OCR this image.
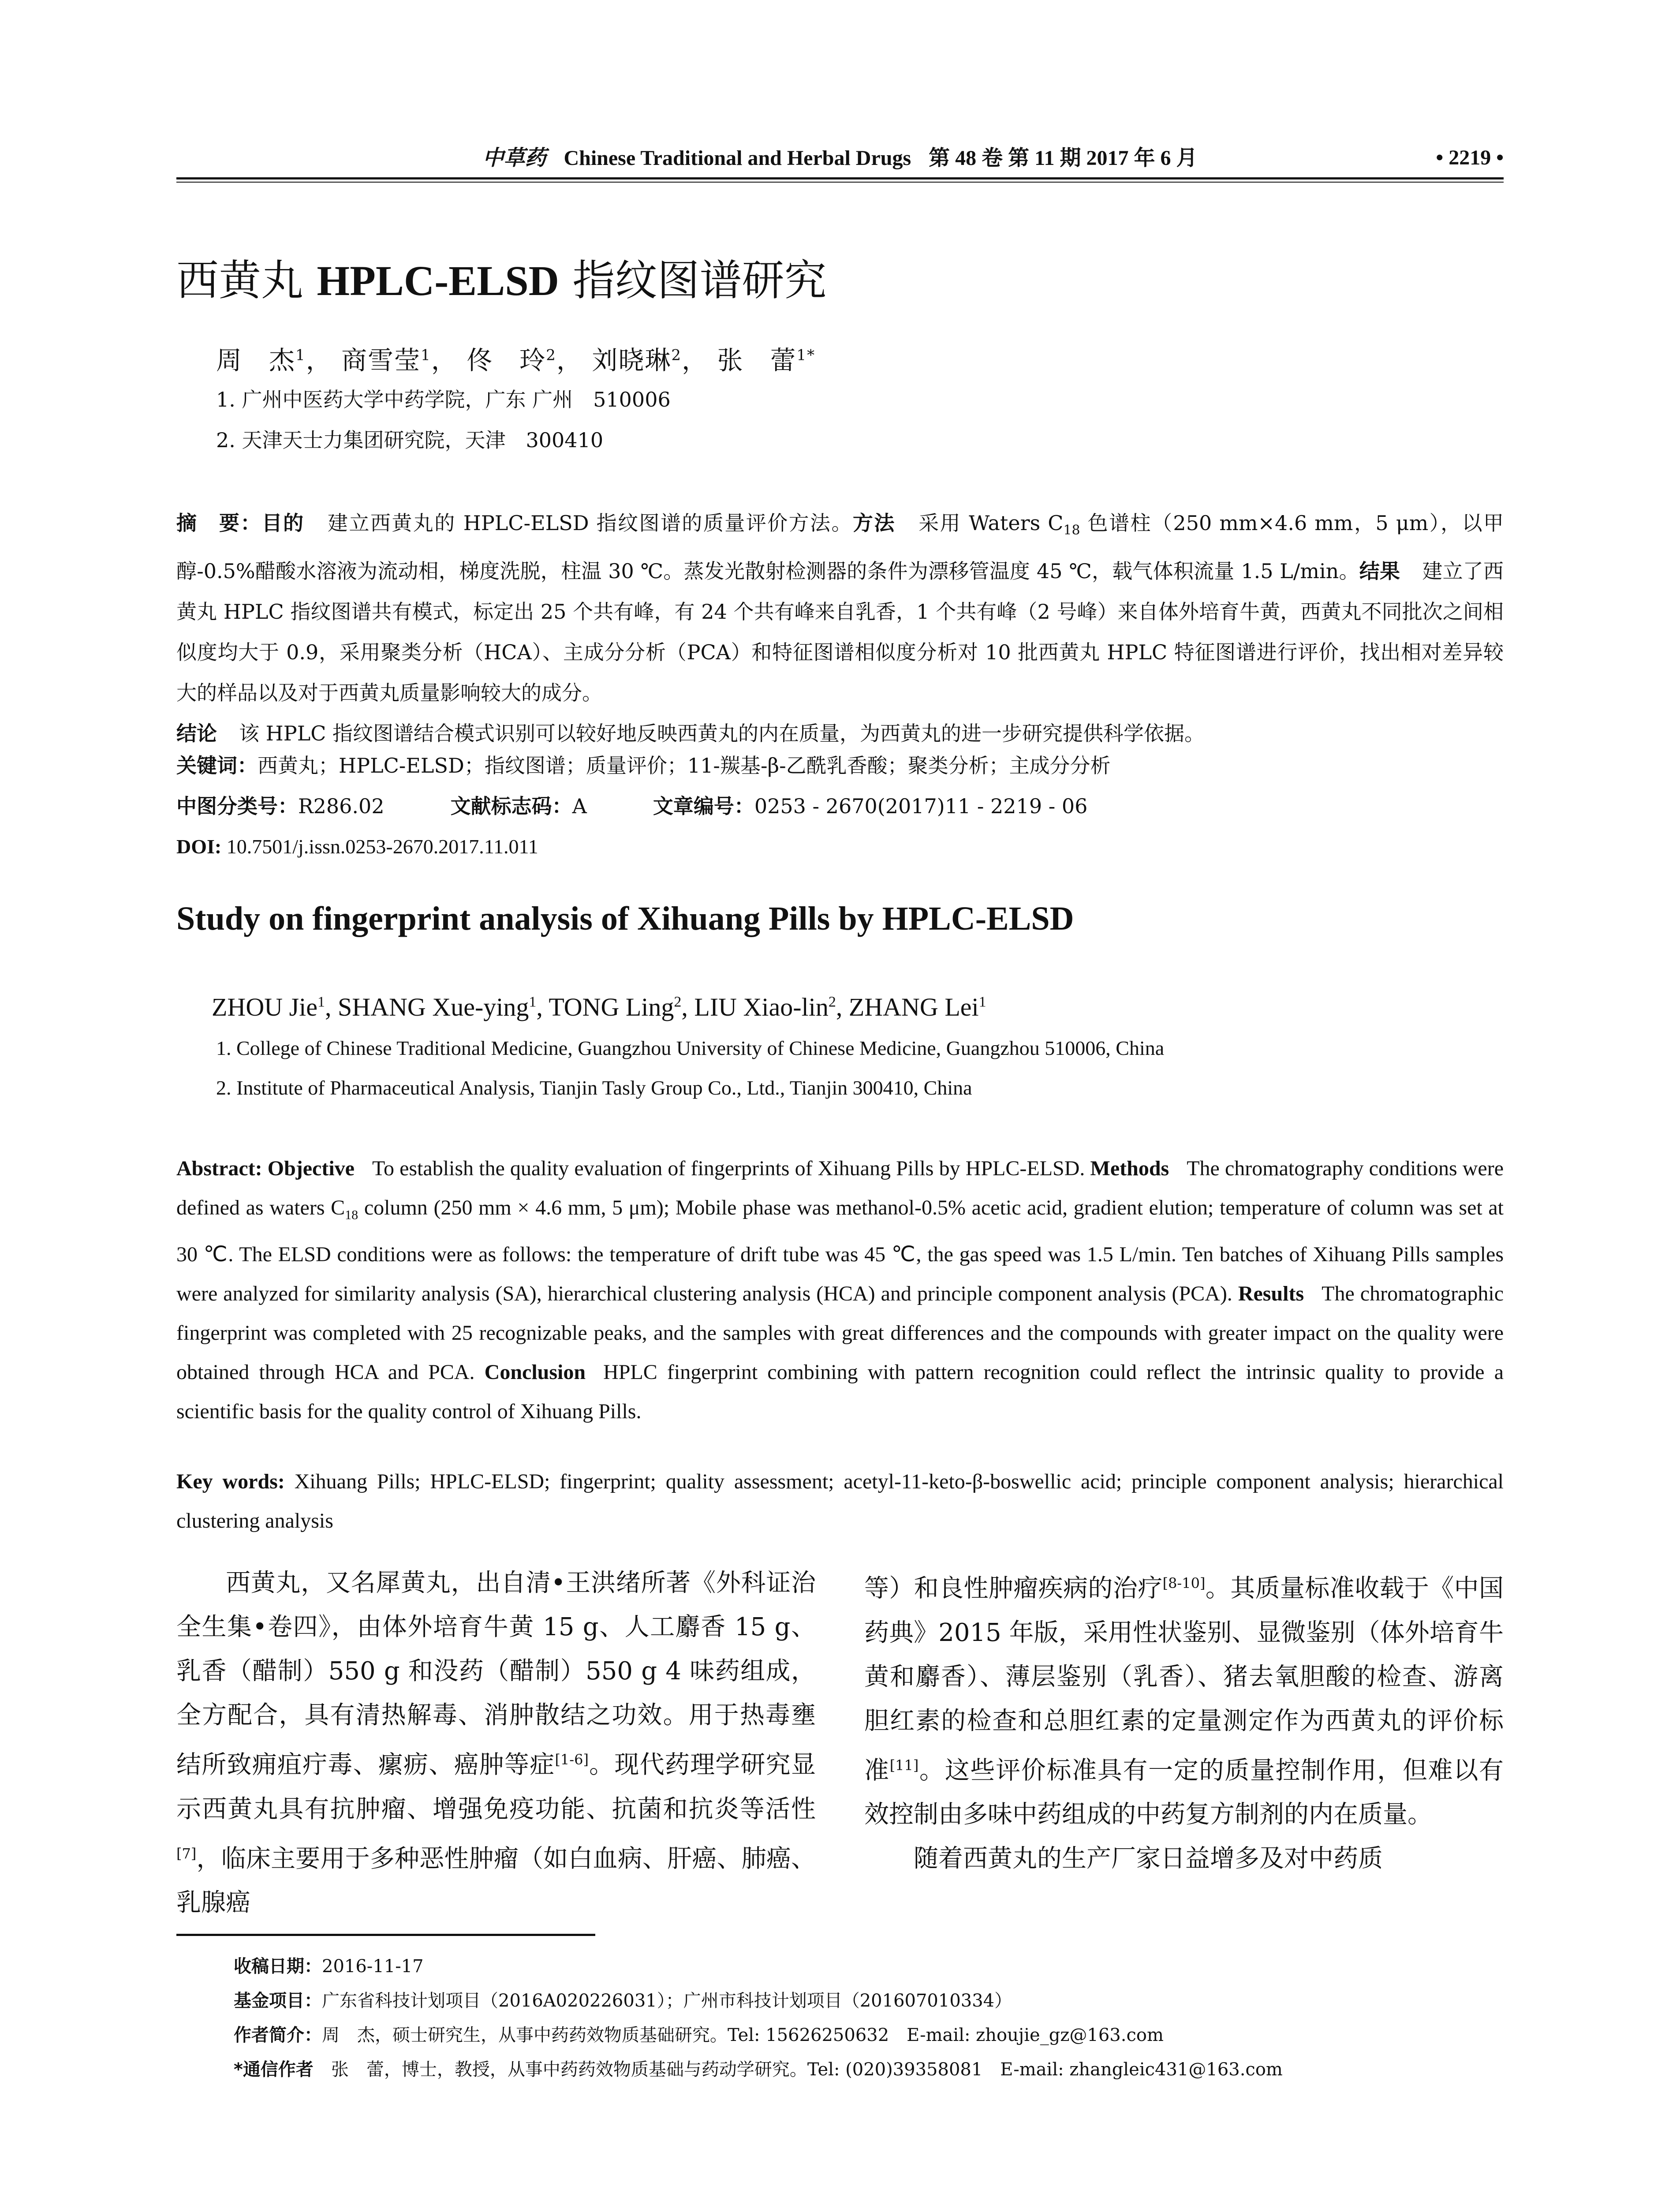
中草药 Chinese Traditional and Herbal Drugs 第 48 卷 第 11 期 2017 年 6 月	• 2219 •
西黄丸 HPLC-ELSD 指纹图谱研究
周　杰$^1$， 商雪莹$^1$， 佟　玲$^2$， 刘晓琳$^2$， 张　蕾$^{1*}$
1. 广州中医药大学中药学院，广东 广州　510006
2. 天津天士力集团研究院，天津　300410
摘　要：目的 建立西黄丸的 HPLC-ELSD 指纹图谱的质量评价方法。方法 采用 Waters $C_{18}$ 色谱柱（250 mm×4.6 mm，5 μm），以甲醇-0.5%醋酸水溶液为流动相，梯度洗脱，柱温 30 ℃。蒸发光散射检测器的条件为漂移管温度 45 ℃，载气体积流量 1.5 L/min。结果 建立了西黄丸 HPLC 指纹图谱共有模式，标定出 25 个共有峰，有 24 个共有峰来自乳香，1 个共有峰（2 号峰）来自体外培育牛黄，西黄丸不同批次之间相似度均大于 0.9，采用聚类分析（HCA）、主成分分析（PCA）和特征图谱相似度分析对 10 批西黄丸 HPLC 特征图谱进行评价，找出相对差异较大的样品以及对于西黄丸质量影响较大的成分。
结论 该 HPLC 指纹图谱结合模式识别可以较好地反映西黄丸的内在质量，为西黄丸的进一步研究提供科学依据。
关键词：西黄丸；HPLC-ELSD；指纹图谱；质量评价；11-羰基-β-乙酰乳香酸；聚类分析；主成分分析
中图分类号：R286.02	文献标志码：A	文章编号：0253 - 2670(2017)11 - 2219 - 06
DOI: 10.7501/j.issn.0253-2670.2017.11.011
Study on fingerprint analysis of Xihuang Pills by HPLC-ELSD
ZHOU Jie$^1$, SHANG Xue-ying$^1$, TONG Ling$^2$, LIU Xiao-lin$^2$, ZHANG Lei$^1$
1. College of Chinese Traditional Medicine, Guangzhou University of Chinese Medicine, Guangzhou 510006, China
2. Institute of Pharmaceutical Analysis, Tianjin Tasly Group Co., Ltd., Tianjin 300410, China
Abstract: Objective To establish the quality evaluation of fingerprints of Xihuang Pills by HPLC-ELSD. Methods The chromatography conditions were defined as waters $C_{18}$ column (250 mm × 4.6 mm, 5 μm); Mobile phase was methanol-0.5% acetic acid, gradient elution; temperature of column was set at 30 ℃. The ELSD conditions were as follows: the temperature of drift tube was 45 ℃, the gas speed was 1.5 L/min. Ten batches of Xihuang Pills samples were analyzed for similarity analysis (SA), hierarchical clustering analysis (HCA) and principle component analysis (PCA). Results The chromatographic fingerprint was completed with 25 recognizable peaks, and the samples with great differences and the compounds with greater impact on the quality were obtained through HCA and PCA. Conclusion HPLC fingerprint combining with pattern recognition could reflect the intrinsic quality to provide a scientific basis for the quality control of Xihuang Pills.
Key words: Xihuang Pills; HPLC-ELSD; fingerprint; quality assessment; acetyl-11-keto-β-boswellic acid; principle component analysis; hierarchical clustering analysis

西黄丸，又名犀黄丸，出自清•王洪绪所著《外科证治全生集•卷四》，由体外培育牛黄 15 g、人工麝香 15 g、乳香（醋制）550 g 和没药（醋制）550 g 4 味药组成，全方配合，具有清热解毒、消肿散结之功效。用于热毒壅结所致痈疽疔毒、瘰疬、癌肿等症[1-6]。现代药理学研究显示西黄丸具有抗肿瘤、增强免疫功能、抗菌和抗炎等活性[7]，临床主要用于多种恶性肿瘤（如白血病、肝癌、肺癌、乳腺癌

等）和良性肿瘤疾病的治疗[8-10]。其质量标准收载于《中国药典》2015 年版，采用性状鉴别、显微鉴别（体外培育牛黄和麝香）、薄层鉴别（乳香）、猪去氧胆酸的检查、游离胆红素的检查和总胆红素的定量测定作为西黄丸的评价标准[11]。这些评价标准具有一定的质量控制作用，但难以有效控制由多味中药组成的中药复方制剂的内在质量。

随着西黄丸的生产厂家日益增多及对中药质

收稿日期：2016-11-17
基金项目：广东省科技计划项目（2016A020226031）；广州市科技计划项目（201607010334）
作者简介：周　杰，硕士研究生，从事中药药效物质基础研究。Tel: 15626250632　E-mail: zhoujie_gz@163.com
*通信作者　张　蕾，博士，教授，从事中药药效物质基础与药动学研究。Tel: (020)39358081　E-mail: zhangleic431@163.com
